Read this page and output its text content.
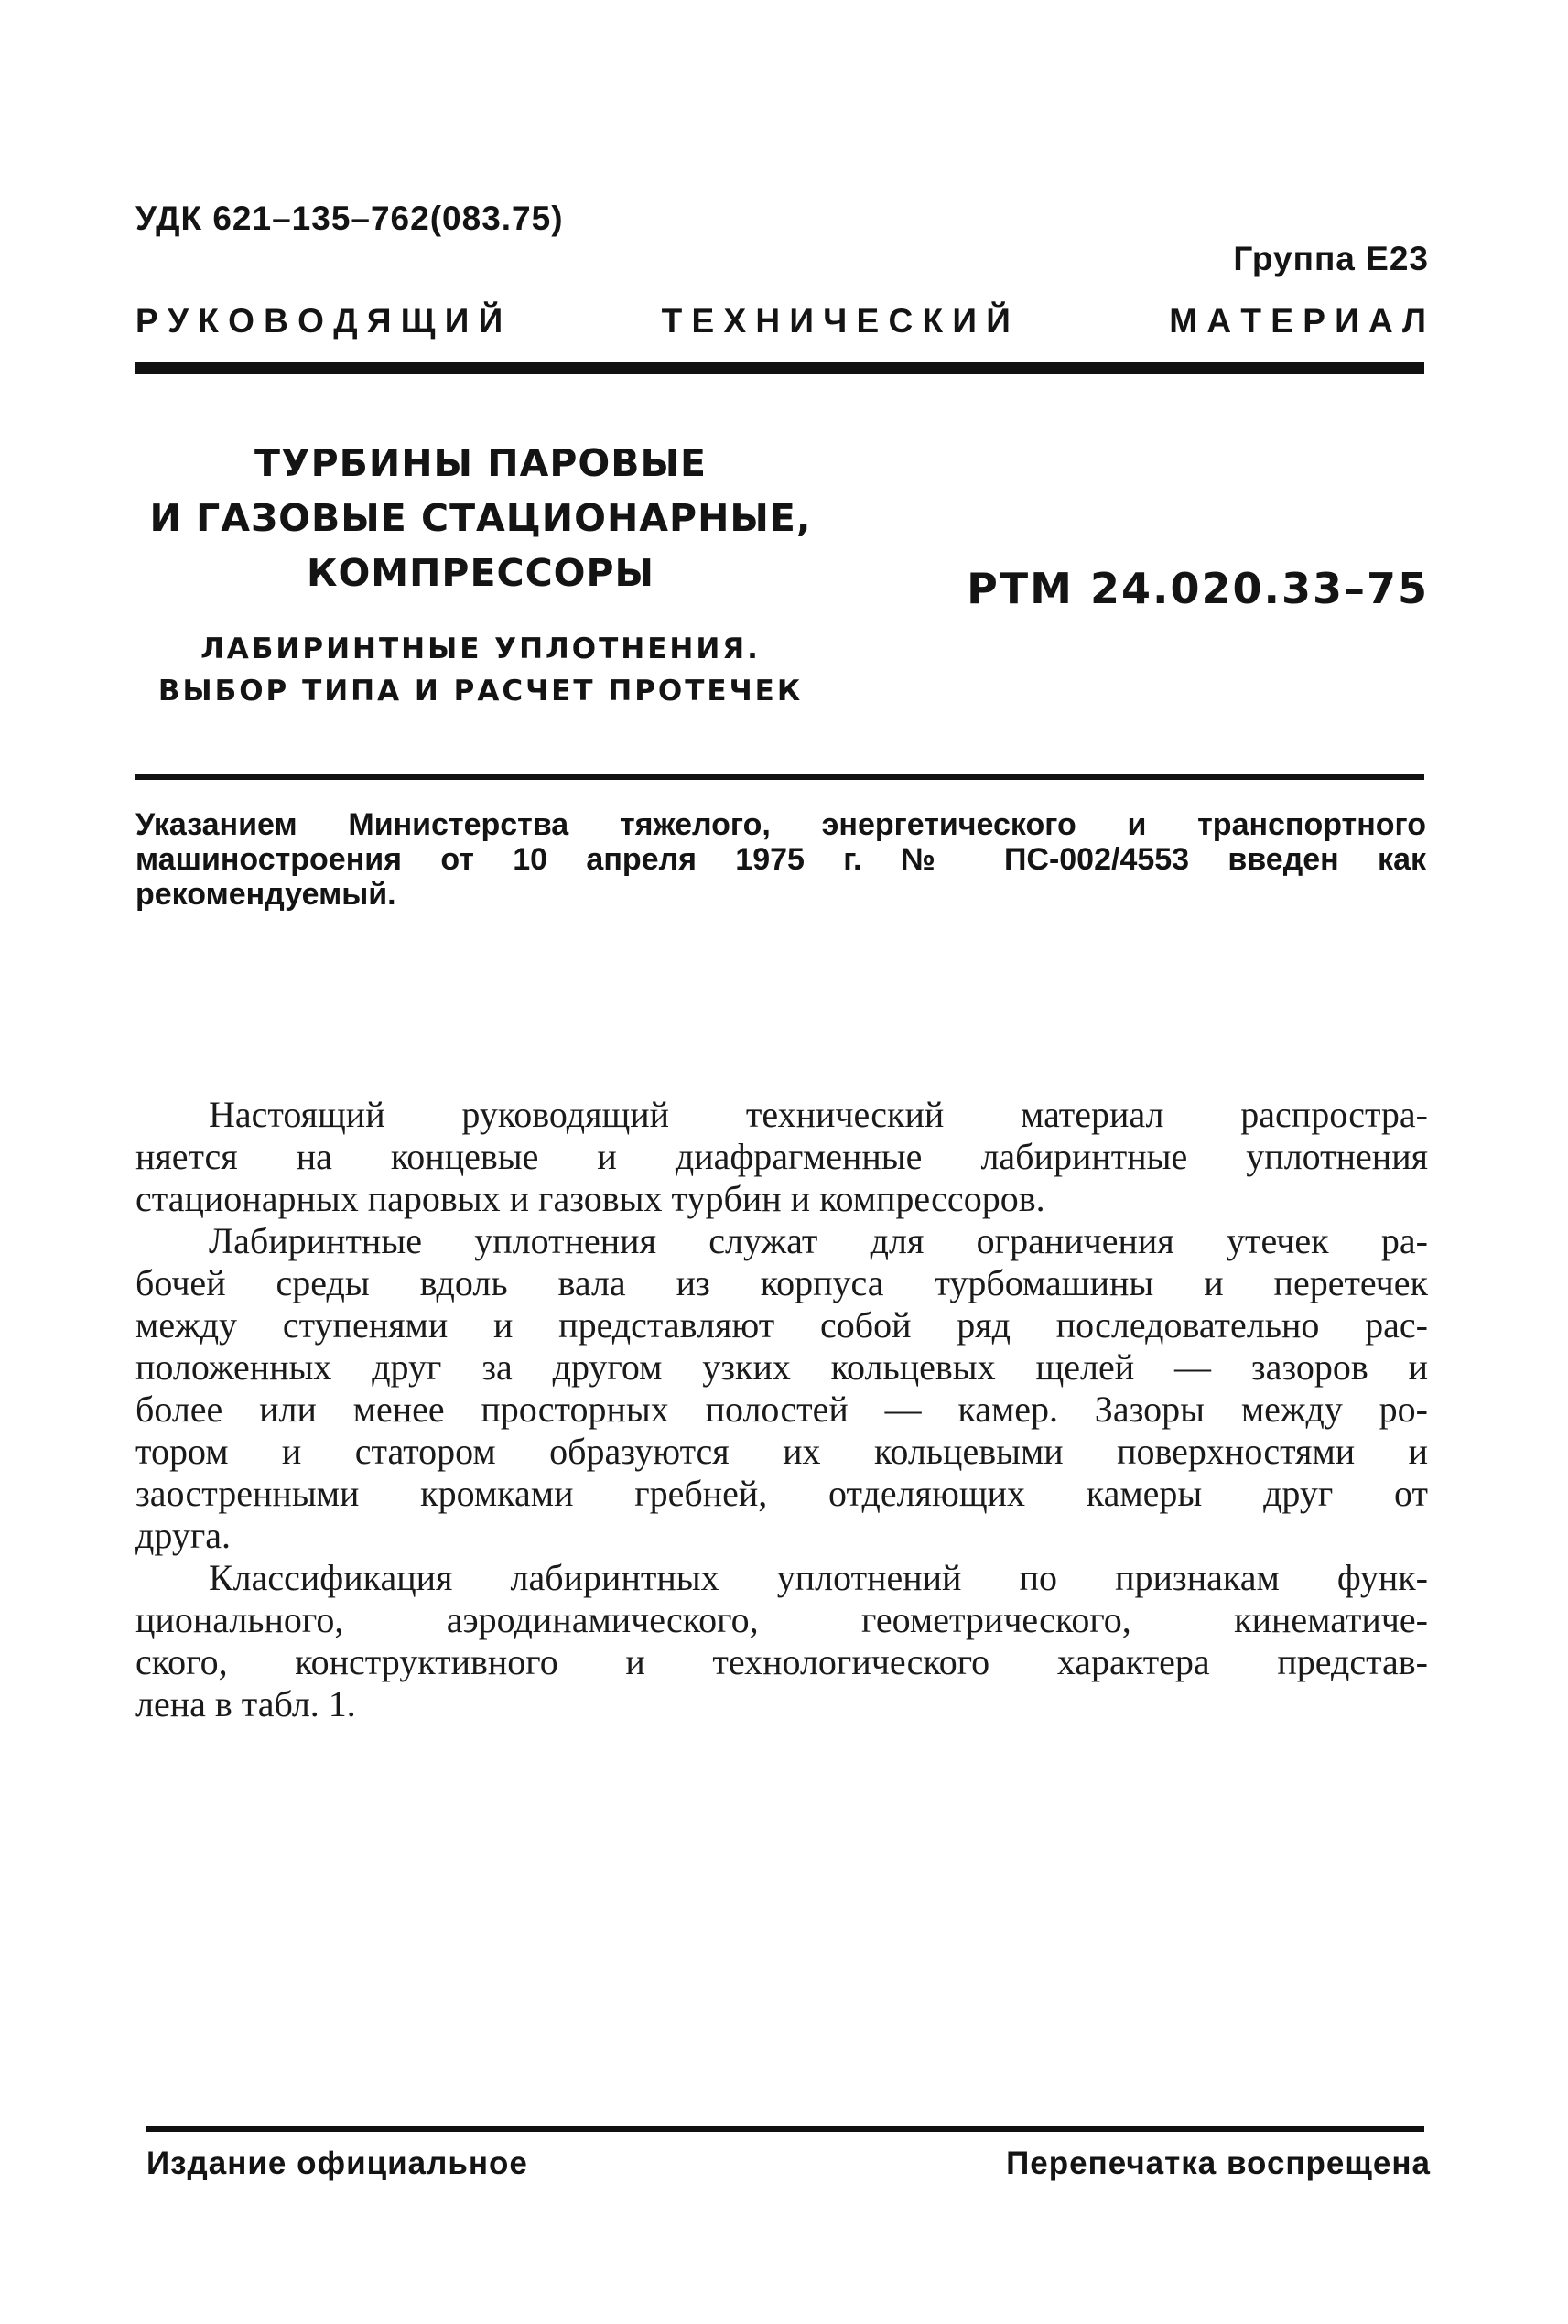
УДК 621–135–762(083.75)
Группа Е23
Р У К О В О Д Я Щ И Й	Т Е Х Н И Ч Е С К И Й	М А Т Е Р И А Л
ТУРБИНЫ ПАРОВЫЕ
И ГАЗОВЫЕ СТАЦИОНАРНЫЕ,
КОМПРЕССОРЫ
ЛАБИРИНТНЫЕ УПЛОТНЕНИЯ.
ВЫБОР ТИПА И РАСЧЕТ ПРОТЕЧЕК
РТМ 24.020.33–75
Указанием Министерства тяжелого, энергетического и транспортного
машиностроения от 10 апреля 1975 г. № ПС-002/4553 введен как
рекомендуемый.
Настоящий руководящий технический материал распростра-
няется на концевые и диафрагменные лабиринтные уплотнения
стационарных паровых и газовых турбин и компрессоров.
Лабиринтные уплотнения служат для ограничения утечек ра-
бочей среды вдоль вала из корпуса турбомашины и перетечек
между ступенями и представляют собой ряд последовательно рас-
положенных друг за другом узких кольцевых щелей — зазоров и
более или менее просторных полостей — камер. Зазоры между ро-
тором и статором образуются их кольцевыми поверхностями и
заостренными кромками гребней, отделяющих камеры друг от
друга.
Классификация лабиринтных уплотнений по признакам функ-
ционального, аэродинамического, геометрического, кинематиче-
ского, конструктивного и технологического характера представ-
лена в табл. 1.
Издание официальное	Перепечатка воспрещена
